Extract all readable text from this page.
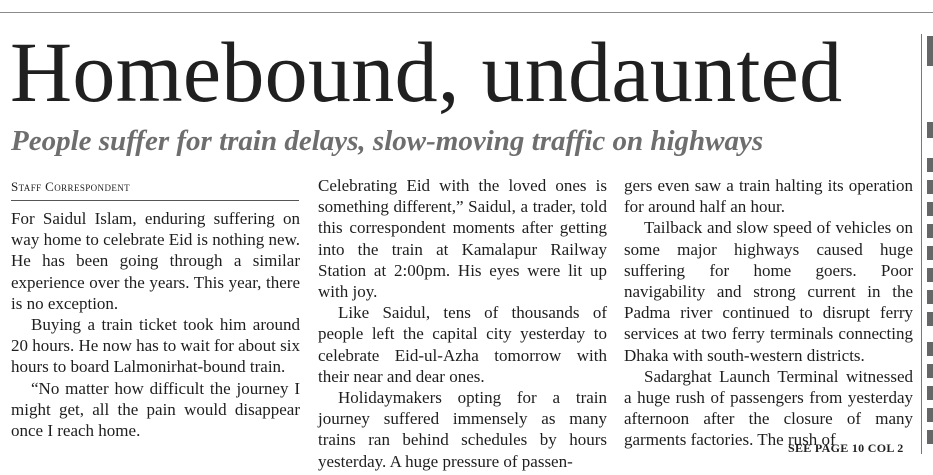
Homebound, undaunted
People suffer for train delays, slow-moving traffic on highways
Staff Correspondent

For Saidul Islam, enduring suffering on way home to celebrate Eid is nothing new. He has been going through a similar experience over the years. This year, there is no exception.

Buying a train ticket took him around 20 hours. He now has to wait for about six hours to board Lalmonirhat-bound train.

“No matter how difficult the journey I might get, all the pain would disappear once I reach home.

Celebrating Eid with the loved ones is something different,” Saidul, a trader, told this correspondent moments after getting into the train at Kamalapur Railway Station at 2:00pm. His eyes were lit up with joy.

Like Saidul, tens of thousands of people left the capital city yesterday to celebrate Eid-ul-Azha tomorrow with their near and dear ones.

Holidaymakers opting for a train journey suffered immensely as many trains ran behind schedules by hours yesterday. A huge pressure of passen-

gers even saw a train halting its operation for around half an hour.

Tailback and slow speed of vehicles on some major highways caused huge suffering for home goers. Poor navigability and strong current in the Padma river continued to disrupt ferry services at two ferry terminals connecting Dhaka with south-western districts.

Sadarghat Launch Terminal witnessed a huge rush of passengers from yesterday afternoon after the closure of many garments factories. The rush of

SEE PAGE 10 COL 2
